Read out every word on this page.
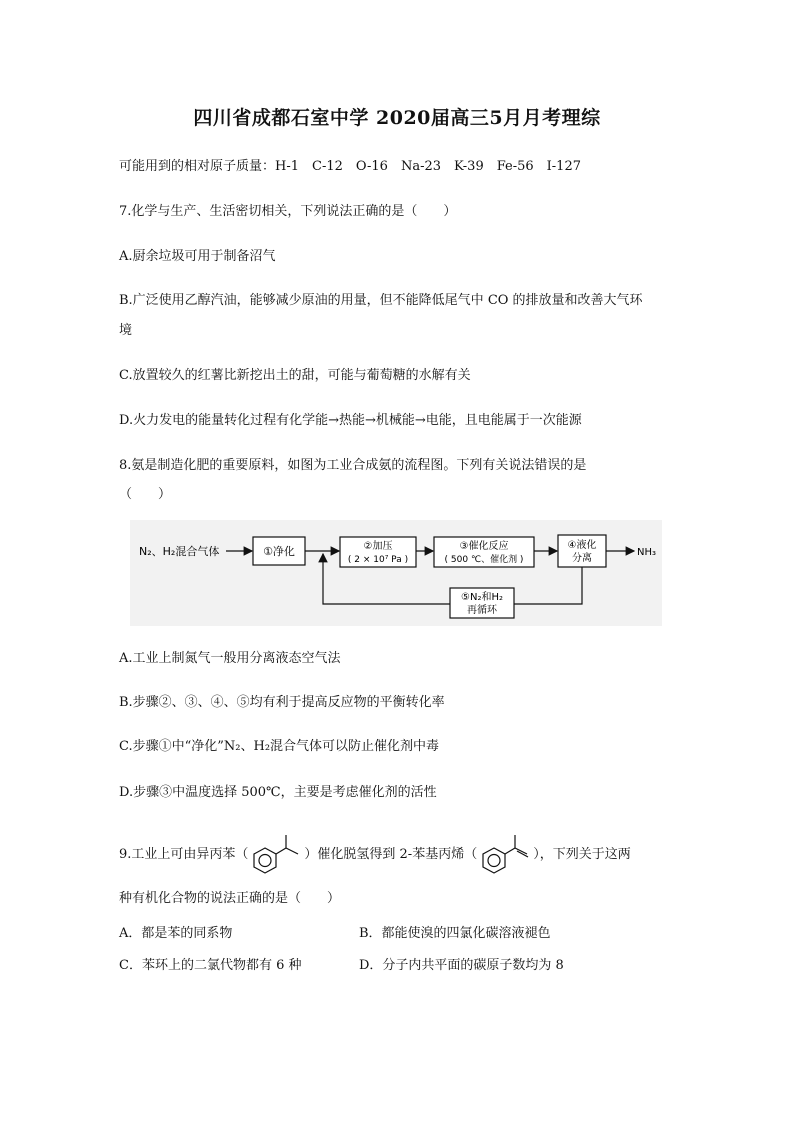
四川省成都石室中学 2020届高三5月月考理综
可能用到的相对原子质量：H-1　C-12　O-16　Na-23　K-39　Fe-56　I-127
7.化学与生产、生活密切相关，下列说法正确的是（　　）
A.厨余垃圾可用于制备沼气
B.广泛使用乙醇汽油，能够减少原油的用量，但不能降低尾气中 CO 的排放量和改善大气环
境
C.放置较久的红薯比新挖出土的甜，可能与葡萄糖的水解有关
D.火力发电的能量转化过程有化学能→热能→机械能→电能，且电能属于一次能源
8.氨是制造化肥的重要原料，如图为工业合成氨的流程图。下列有关说法错误的是
（　　）
N₂、H₂混合气体	①净化	②加压
( 2 × 10⁷ Pa )
③催化反应
( 500 ℃、催化剂 )
④液化
分离
NH₃
⑤N₂和H₂
再循环
A.工业上制氮气一般用分离液态空气法
B.步骤②、③、④、⑤均有利于提高反应物的平衡转化率
C.步骤①中“净化”N₂、H₂混合气体可以防止催化剂中毒
D.步骤③中温度选择 500℃，主要是考虑催化剂的活性
9.工业上可由异丙苯（	）催化脱氢得到 2-苯基丙烯（	），下列关于这两
种有机化合物的说法正确的是（　　）
A．都是苯的同系物	B．都能使溴的四氯化碳溶液褪色
C．苯环上的二氯代物都有 6 种	D．分子内共平面的碳原子数均为 8
